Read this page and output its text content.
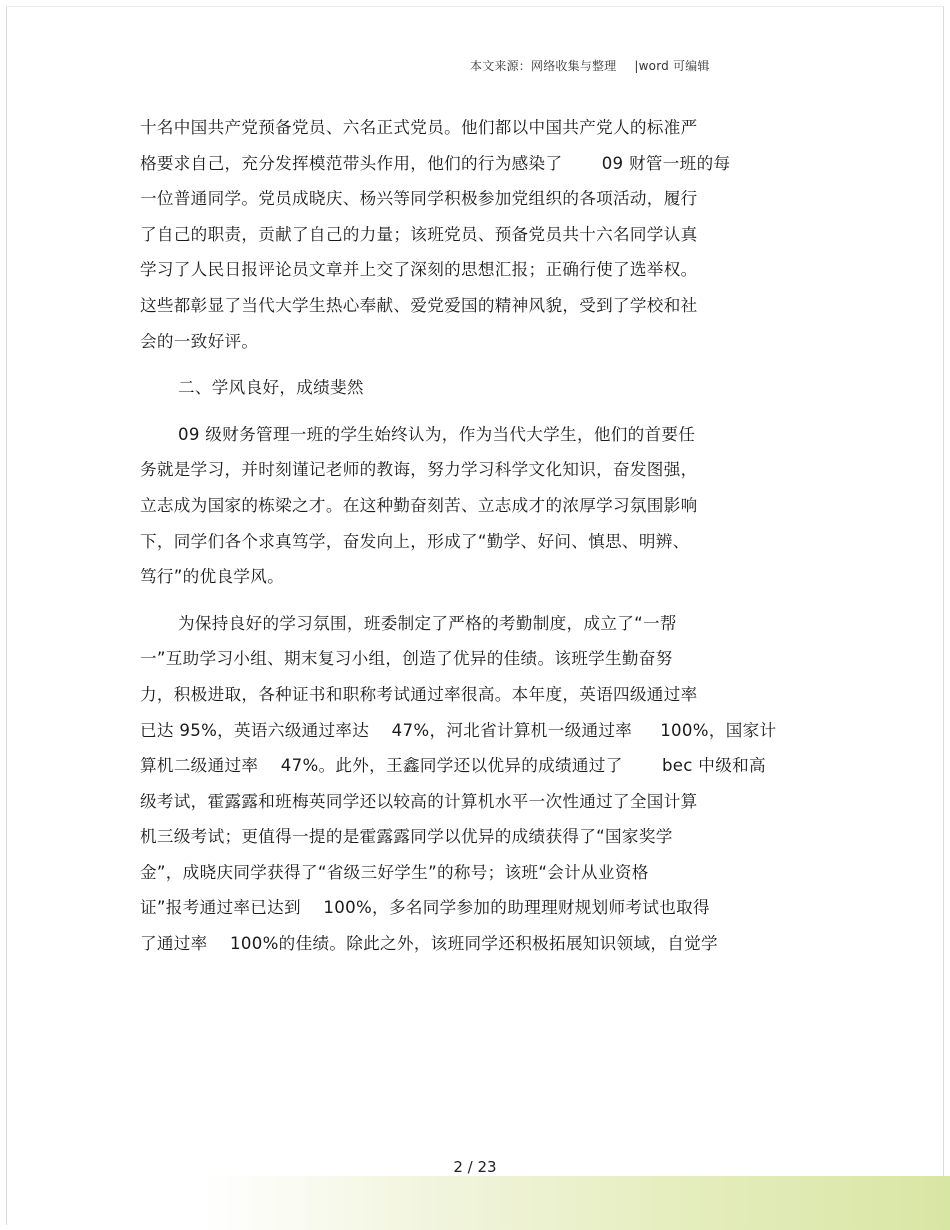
本文来源：网络收集与整理 |word 可编辑
十名中国共产党预备党员、六名正式党员。他们都以中国共产党人的标准严
格要求自己，充分发挥模范带头作用，他们的行为感染了　 　09 财管一班的每
一位普通同学。党员成晓庆、杨兴等同学积极参加党组织的各项活动，履行
了自己的职责，贡献了自己的力量；该班党员、预备党员共十六名同学认真
学习了人民日报评论员文章并上交了深刻的思想汇报；正确行使了选举权。
这些都彰显了当代大学生热心奉献、爱党爱国的精神风貌，受到了学校和社
会的一致好评。
二、学风良好，成绩斐然
09 级财务管理一班的学生始终认为，作为当代大学生，他们的首要任
务就是学习，并时刻谨记老师的教诲，努力学习科学文化知识，奋发图强，
立志成为国家的栋梁之才。在这种勤奋刻苦、立志成才的浓厚学习氛围影响
下，同学们各个求真笃学，奋发向上，形成了“勤学、好问、慎思、明辨、
笃行”的优良学风。
为保持良好的学习氛围，班委制定了严格的考勤制度，成立了“一帮
一”互助学习小组、期末复习小组，创造了优异的佳绩。该班学生勤奋努
力，积极进取，各种证书和职称考试通过率很高。本年度，英语四级通过率
已达 95%，英语六级通过率达 　47%，河北省计算机一级通过率 　 100%，国家计
算机二级通过率 　47%。此外，王鑫同学还以优异的成绩通过了 　　bec 中级和高
级考试，霍露露和班梅英同学还以较高的计算机水平一次性通过了全国计算
机三级考试；更值得一提的是霍露露同学以优异的成绩获得了“国家奖学
金”，成晓庆同学获得了“省级三好学生”的称号；该班“会计从业资格
证”报考通过率已达到 　100%，多名同学参加的助理理财规划师考试也取得
了通过率 　100%的佳绩。除此之外，该班同学还积极拓展知识领域，自觉学
2 / 23
